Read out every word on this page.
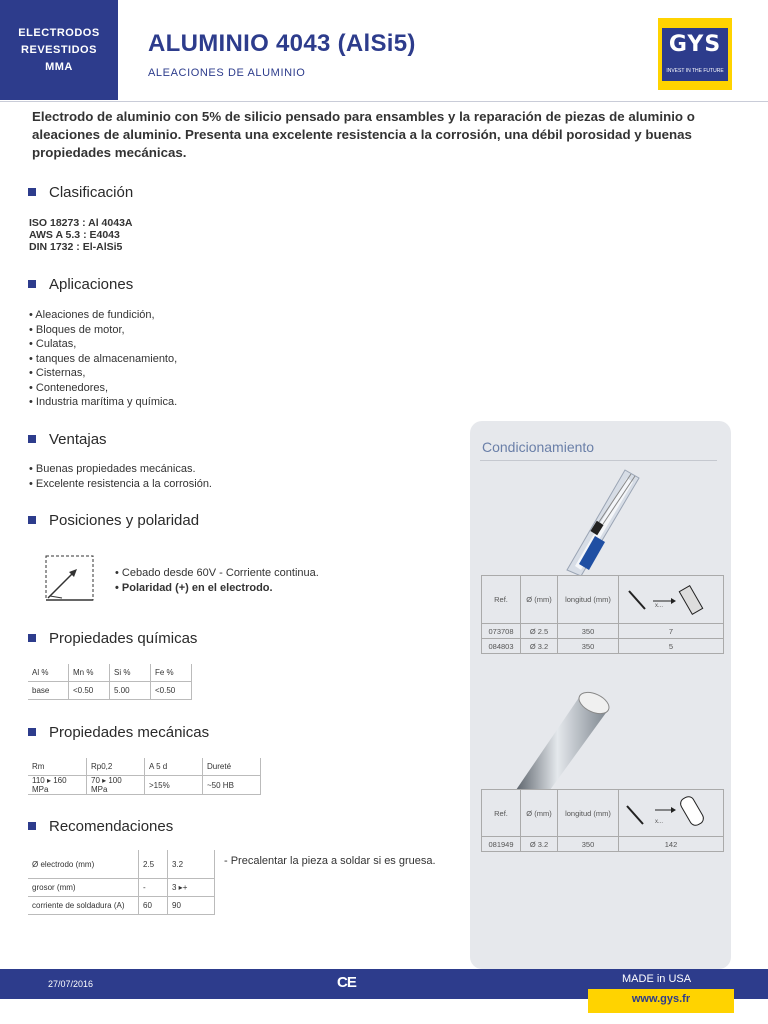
ELECTRODOS
REVESTIDOS
MMA
ALUMINIO 4043 (AlSi5)
ALEACIONES DE ALUMINIO
GYS
INVEST IN THE FUTURE
Electrodo de aluminio con 5% de silicio pensado para ensambles y la reparación de piezas de aluminio o aleaciones de aluminio. Presenta una excelente resistencia a la corrosión, una débil porosidad y buenas propiedades mecánicas.
Clasificación
ISO 18273 : Al 4043A
AWS A 5.3 : E4043
DIN 1732 : El-AlSi5
Aplicaciones
• Aleaciones de fundición,
• Bloques de motor,
• Culatas,
• tanques de almacenamiento,
• Cisternas,
• Contenedores,
• Industria marítima y química.
Ventajas
• Buenas propiedades mecánicas.
• Excelente resistencia a la corrosión.
Posiciones y polaridad
• Cebado desde 60V - Corriente continua.
• Polaridad (+) en el electrodo.
Propiedades químicas
Al %	Mn %	Si %	Fe %
base	<0.50	5.00	<0.50
Propiedades mecánicas
Rm	Rp0,2	A 5 d	Dureté
110 ▸ 160 MPa	70 ▸ 100 MPa	>15%	~50 HB
Recomendaciones
Ø electrodo (mm)	2.5	3.2
grosor (mm)	-	3 ▸+
corriente de soldadura (A)	60	90
- Precalentar la pieza a soldar si es gruesa.
Condicionamiento
Ref.	Ø (mm)	longitud (mm)	x...

073708	Ø 2.5	350	7
084803	Ø 3.2	350	5
Ref.	Ø (mm)	longitud (mm)	x...

081949	Ø 3.2	350	142
27/07/2016	CE	MADE in USA
www.gys.fr
